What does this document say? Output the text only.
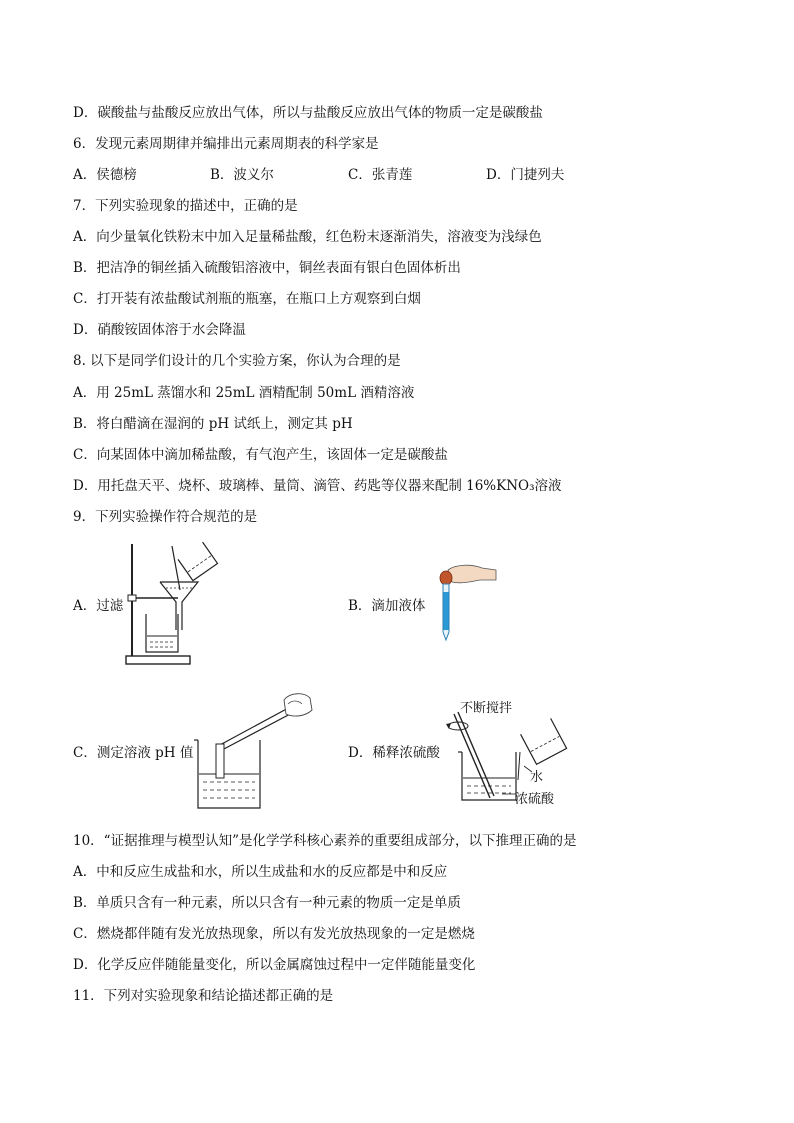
D．碳酸盐与盐酸反应放出气体，所以与盐酸反应放出气体的物质一定是碳酸盐
6．发现元素周期律并编排出元素周期表的科学家是
A．侯德榜	B．波义尔	C．张青莲	D．门捷列夫
7．下列实验现象的描述中，正确的是
A．向少量氧化铁粉末中加入足量稀盐酸，红色粉末逐渐消失，溶液变为浅绿色
B．把洁净的铜丝插入硫酸铝溶液中，铜丝表面有银白色固体析出
C．打开装有浓盐酸试剂瓶的瓶塞，在瓶口上方观察到白烟
D．硝酸铵固体溶于水会降温
8. 以下是同学们设计的几个实验方案，你认为合理的是
A．用 25mL 蒸馏水和 25mL 酒精配制 50mL 酒精溶液
B．将白醋滴在湿润的 pH 试纸上，测定其 pH
C．向某固体中滴加稀盐酸，有气泡产生，该固体一定是碳酸盐
D．用托盘天平、烧杯、玻璃棒、量筒、滴管、药匙等仪器来配制 16%KNO₃溶液
9．下列实验操作符合规范的是
A．过滤	B．滴加液体
C．测定溶液 pH 值	D．稀释浓硫酸
不断搅拌
水
浓硫酸
10．“证据推理与模型认知”是化学学科核心素养的重要组成部分，以下推理正确的是
A．中和反应生成盐和水，所以生成盐和水的反应都是中和反应
B．单质只含有一种元素，所以只含有一种元素的物质一定是单质
C．燃烧都伴随有发光放热现象，所以有发光放热现象的一定是燃烧
D．化学反应伴随能量变化，所以金属腐蚀过程中一定伴随能量变化
11．下列对实验现象和结论描述都正确的是
